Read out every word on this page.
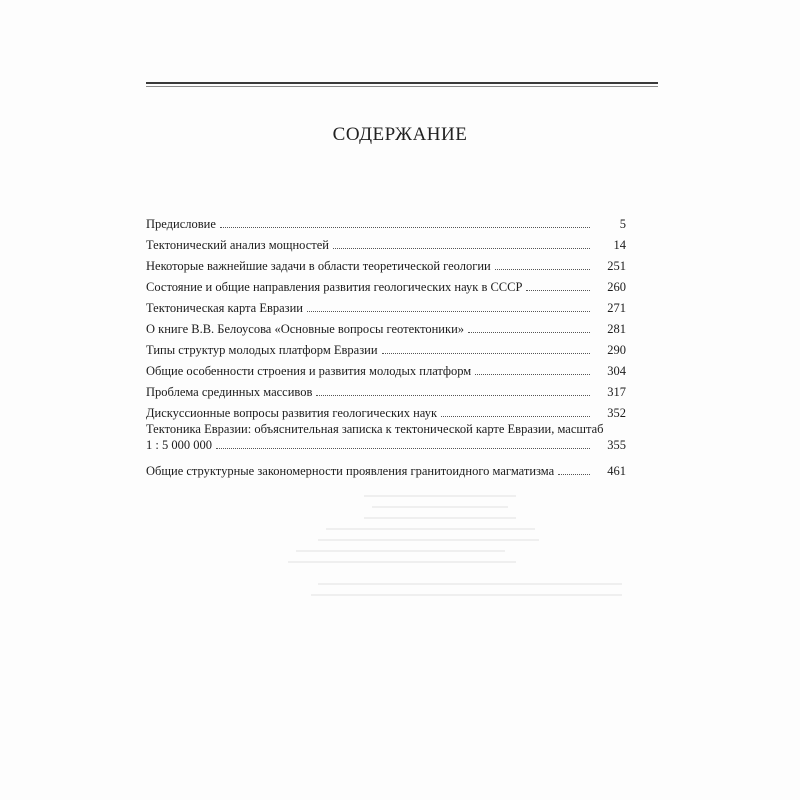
СОДЕРЖАНИЕ
Предисловие	5
Тектонический анализ мощностей	14
Некоторые важнейшие задачи в области теоретической геологии	251
Состояние и общие направления развития геологических наук в СССР	260
Тектоническая карта Евразии	271
О книге В.В. Белоусова «Основные вопросы геотектоники»	281
Типы структур молодых платформ Евразии	290
Общие особенности строения и развития молодых платформ	304
Проблема срединных массивов	317
Дискуссионные вопросы развития геологических наук	352
Тектоника Евразии: объяснительная записка к тектонической карте Евразии, масштаб
1 : 5 000 000	355
Общие структурные закономерности проявления гранитоидного магматизма	461
